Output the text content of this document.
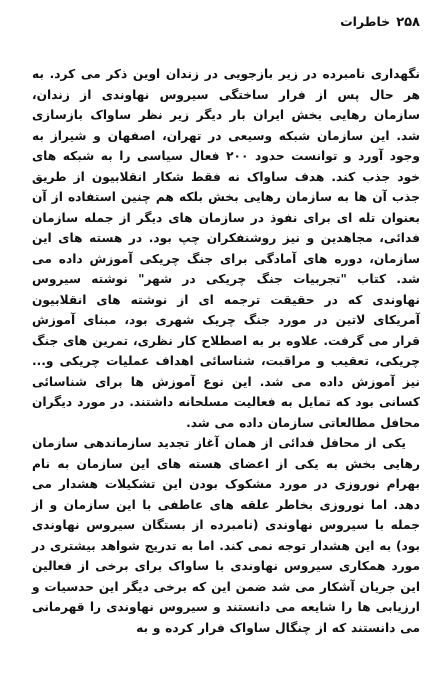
۲۵۸
خاطرات

نگهداری نامبرده در زیر بازجویی در زندان اوین ذکر می کرد. به هر حال پس از فرار ساختگی سیروس نهاوندی از زندان، سازمان رهایی بخش ایران بار دیگر زیر نظر ساواک بازسازی شد. این سازمان شبکه وسیعی در تهران، اصفهان و شیراز به وجود آورد و توانست حدود ۲۰۰ فعال سیاسی را به شبکه های خود جذب کند. هدف ساواک نه فقط شکار انقلابیون از طریق جذب آن ها به سازمان رهایی بخش بلکه هم چنین استفاده از آن بعنوان تله ای برای نفوذ در سازمان های دیگر از جمله سازمان فدائی، مجاهدین و نیز روشنفکران چپ بود. در هسته های این سازمان، دوره های آمادگی برای جنگ چریکی آموزش داده می شد. کتاب "تجربیات جنگ چریکی در شهر" نوشته سیروس نهاوندی که در حقیقت ترجمه ای از نوشته های انقلابیون آمریکای لاتین در مورد جنگ چریک شهری بود، مبنای آموزش قرار می گرفت. علاوه بر به اصطلاح کار نظری، تمرین های جنگ چریکی، تعقیب و مراقبت، شناسائی اهداف عملیات چریکی و... نیز آموزش داده می شد. این نوع آموزش ها برای شناسائی کسانی بود که تمایل به فعالیت مسلحانه داشتند. در مورد دیگران محافل مطالعاتی سازمان داده می شد.

یکی از محافل فدائی از همان آغاز تجدید سازماندهی سازمان رهایی بخش به یکی از اعضای هسته های این سازمان به نام بهرام نوروزی در مورد مشکوک بودن این تشکیلات هشدار می دهد. اما نوروزی بخاطر علقه های عاطفی با این سازمان و از جمله با سیروس نهاوندی (نامبرده از بستگان سیروس نهاوندی بود) به این هشدار توجه نمی کند. اما به تدریج شواهد بیشتری در مورد همکاری سیروس نهاوندی با ساواک برای برخی از فعالین این جریان آشکار می شد ضمن این که برخی دیگر این حدسیات و ارزیابی ها را شایعه می دانستند و سیروس نهاوندی را قهرمانی می دانستند که از چنگال ساواک فرار کرده و به
